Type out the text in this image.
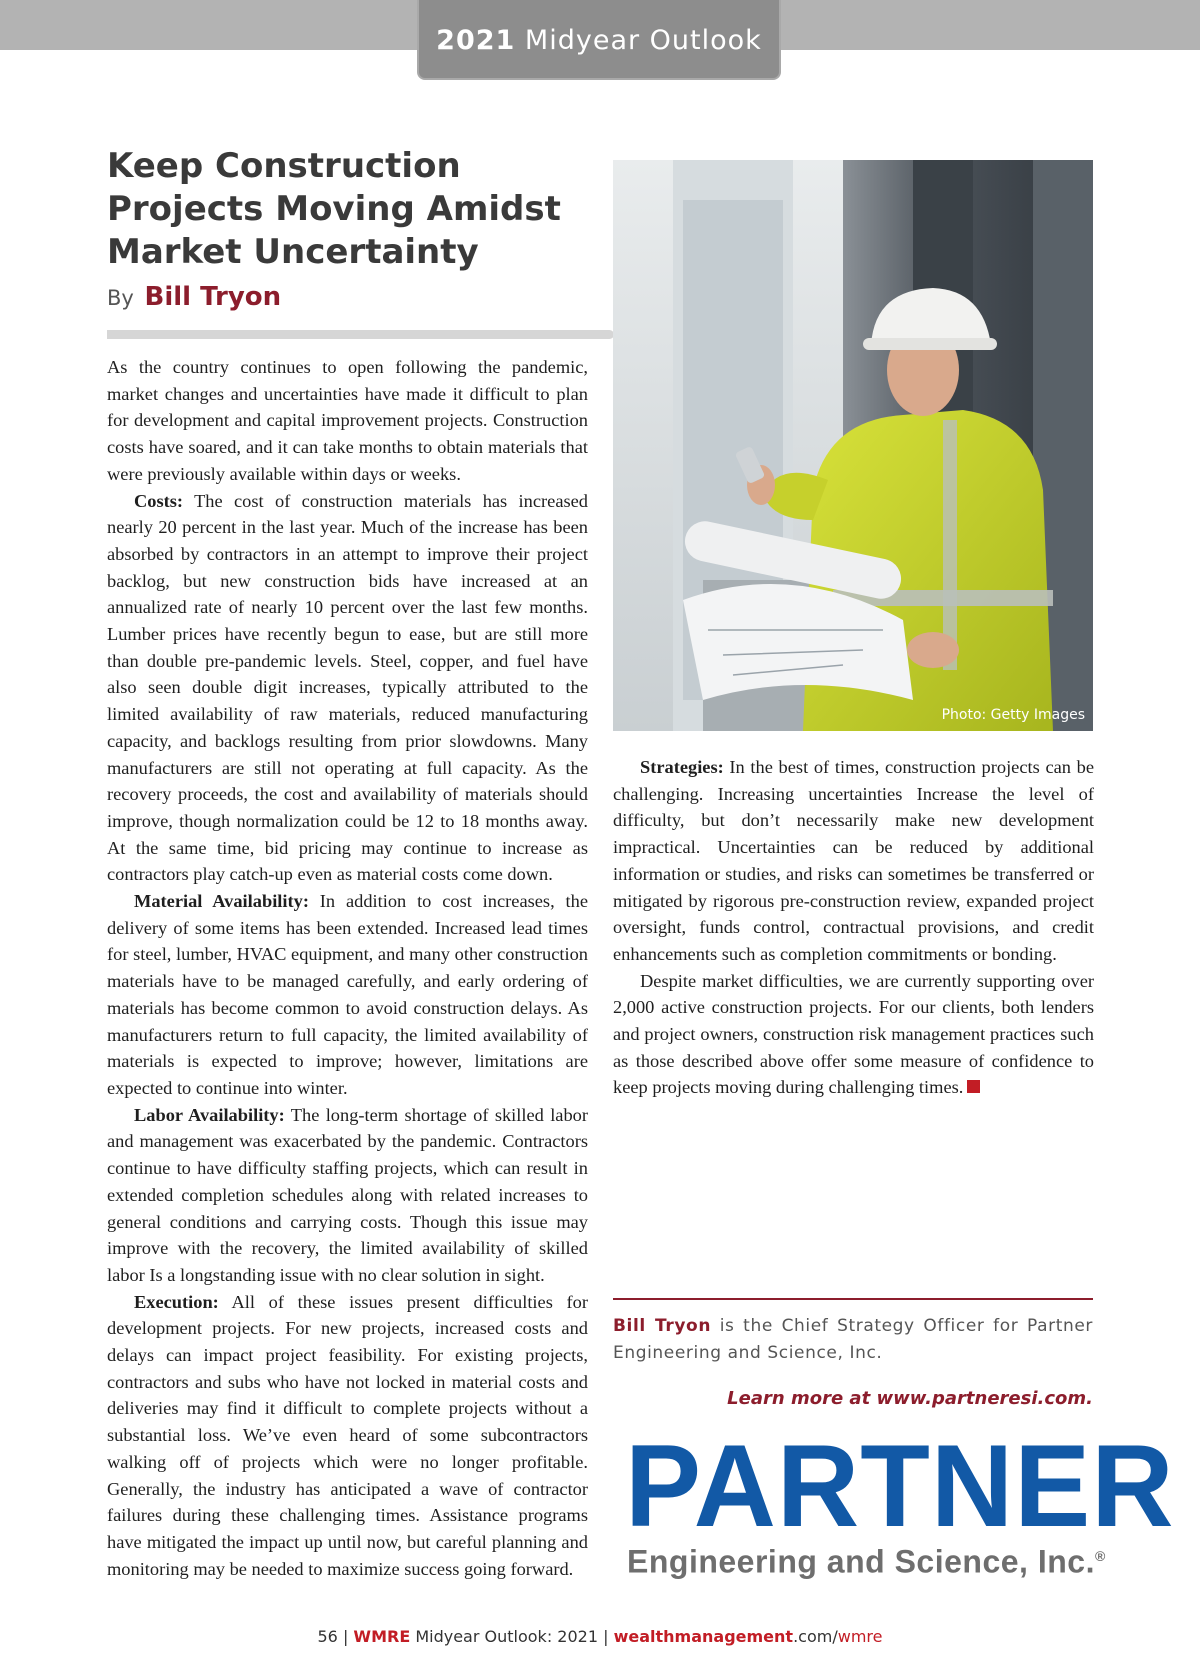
2021 Midyear Outlook
Keep Construction Projects Moving Amidst Market Uncertainty
By Bill Tryon
Photo: Getty Images

As the country continues to open following the pandemic, market changes and uncertainties have made it difficult to plan for development and capital improvement projects. Construction costs have soared, and it can take months to obtain materials that were previously available within days or weeks.

Costs: The cost of construction materials has increased nearly 20 percent in the last year. Much of the increase has been absorbed by contractors in an attempt to improve their project backlog, but new construction bids have increased at an annualized rate of nearly 10 percent over the last few months. Lumber prices have recently begun to ease, but are still more than double pre-pandemic levels. Steel, copper, and fuel have also seen double digit increases, typically attributed to the limited availability of raw materials, reduced manufacturing capacity, and backlogs resulting from prior slowdowns. Many manufacturers are still not operating at full capacity. As the recovery proceeds, the cost and availability of materials should improve, though normalization could be 12 to 18 months away. At the same time, bid pricing may continue to increase as contractors play catch-up even as material costs come down.

Material Availability: In addition to cost increases, the delivery of some items has been extended. Increased lead times for steel, lumber, HVAC equipment, and many other construction materials have to be managed carefully, and early ordering of materials has become common to avoid construction delays. As manufacturers return to full capacity, the limited availability of materials is expected to improve; however, limitations are expected to continue into winter.

Labor Availability: The long-term shortage of skilled labor and management was exacerbated by the pandemic. Contractors continue to have difficulty staffing projects, which can result in extended completion schedules along with related increases to general conditions and carrying costs. Though this issue may improve with the recovery, the limited availability of skilled labor Is a longstanding issue with no clear solution in sight.

Execution: All of these issues present difficulties for development projects. For new projects, increased costs and delays can impact project feasibility. For existing projects, contractors and subs who have not locked in material costs and deliveries may find it difficult to complete projects without a substantial loss. We’ve even heard of some subcontractors walking off of projects which were no longer profitable. Generally, the industry has anticipated a wave of contractor failures during these challenging times. Assistance programs have mitigated the impact up until now, but careful planning and monitoring may be needed to maximize success going forward.

Strategies: In the best of times, construction projects can be challenging. Increasing uncertainties Increase the level of difficulty, but don’t necessarily make new development impractical. Uncertainties can be reduced by additional information or studies, and risks can sometimes be transferred or mitigated by rigorous pre-construction review, expanded project oversight, funds control, contractual provisions, and credit enhancements such as completion commitments or bonding.

Despite market difficulties, we are currently supporting over 2,000 active construction projects. For our clients, both lenders and project owners, construction risk management practices such as those described above offer some measure of confidence to keep projects moving during challenging times.

Bill Tryon is the Chief Strategy Officer for Partner Engineering and Science, Inc.
Learn more at www.partneresi.com.
PARTNER
Engineering and Science, Inc.®
56 | WMRE Midyear Outlook: 2021 | wealthmanagement.com/wmre
